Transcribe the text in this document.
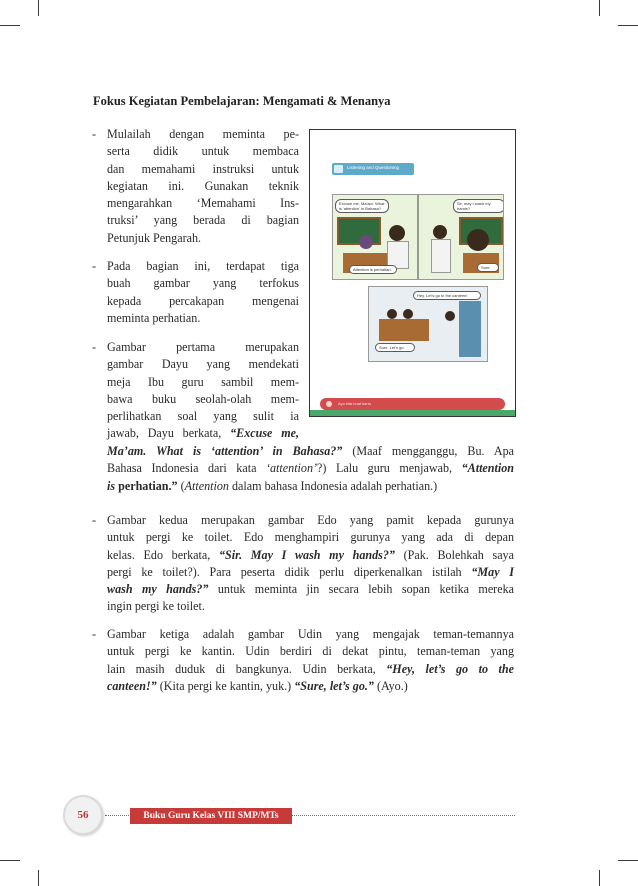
Fokus Kegiatan Pembelajaran: Mengamati & Menanya
- Mulailah dengan meminta pe-
serta didik untuk membaca
dan memahami instruksi untuk
kegiatan ini. Gunakan teknik
mengarahkan ‘Memahami Ins-
truksi’ yang berada di bagian
Petunjuk Pengarah.
- Pada bagian ini, terdapat tiga
buah gambar yang terfokus
kepada percakapan mengenai
meminta perhatian.
- Gambar pertama merupakan
gambar Dayu yang mendekati
meja Ibu guru sambil mem-
bawa buku seolah-olah mem-
perlihatkan soal yang sulit ia
jawab, Dayu berkata, “Excuse me,
Ma’am. What is ‘attention’ in Bahasa?” (Maaf mengganggu, Bu. Apa
Bahasa Indonesia dari kata ‘attention’?) Lalu guru menjawab, “Attention
is perhatian.” (Attention dalam bahasa Indonesia adalah perhatian.)
- Gambar kedua merupakan gambar Edo yang pamit kepada gurunya
untuk pergi ke toilet. Edo menghampiri gurunya yang ada di depan
kelas. Edo berkata, “Sir. May I wash my hands?” (Pak. Bolehkah saya
pergi ke toilet?). Para peserta didik perlu diperkenalkan istilah “May I
wash my hands?” untuk meminta jin secara lebih sopan ketika mereka
ingin pergi ke toilet.
- Gambar ketiga adalah gambar Udin yang mengajak teman-temannya
untuk pergi ke kantin. Udin berdiri di dekat pintu, teman-teman yang
lain masih duduk di bangkunya. Udin berkata, “Hey, let’s go to the
canteen!” (Kita pergi ke kantin, yuk.) “Sure, let’s go.” (Ayo.)
Listening and Questioning
Excuse me, Ma'am. What is 'attention' in Bahasa?
Attention is perhatian.
Sir, may I wash my hands?
Sure.
Hey, Let's go to the canteen!
Sure, Let's go.
Ayo kita buat kartu
56	Buku Guru Kelas VIII SMP/MTs
